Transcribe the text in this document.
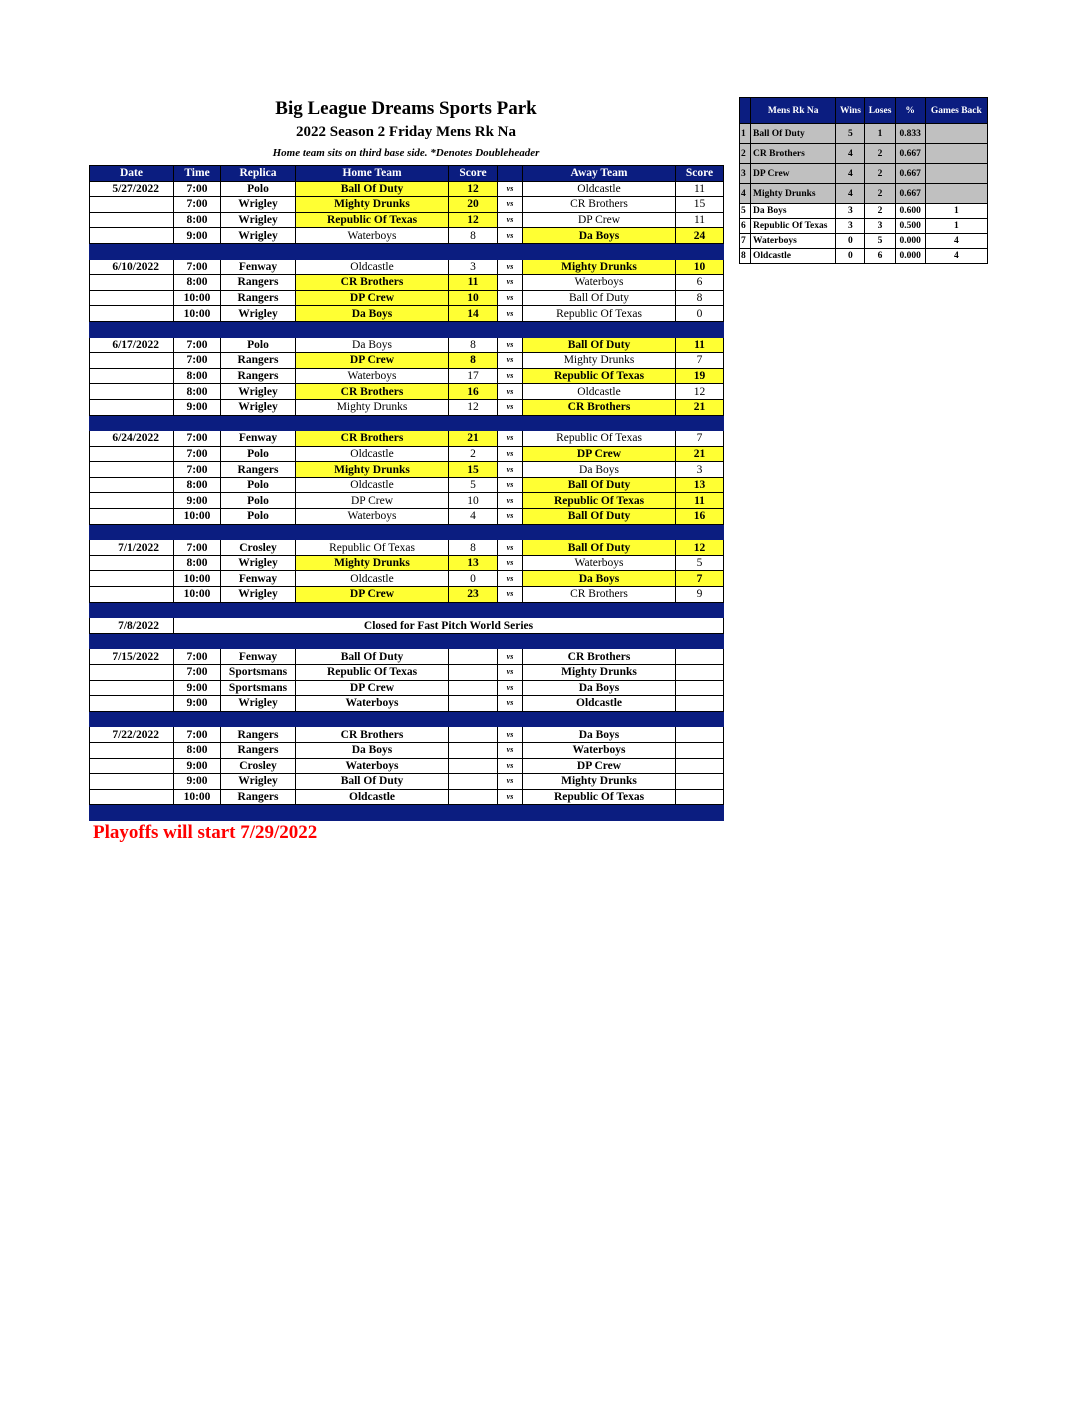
Big League Dreams Sports Park
2022 Season 2 Friday Mens Rk Na
Home team sits on third base side. *Denotes Doubleheader
Date	Time	Replica	Home Team	Score		Away Team	Score
5/27/2022	7:00	Polo	Ball Of Duty	12	vs	Oldcastle	11
	7:00	Wrigley	Mighty Drunks	20	vs	CR Brothers	15
	8:00	Wrigley	Republic Of Texas	12	vs	DP Crew	11
	9:00	Wrigley	Waterboys	8	vs	Da Boys	24

6/10/2022	7:00	Fenway	Oldcastle	3	vs	Mighty Drunks	10
	8:00	Rangers	CR Brothers	11	vs	Waterboys	6
	10:00	Rangers	DP Crew	10	vs	Ball Of Duty	8
	10:00	Wrigley	Da Boys	14	vs	Republic Of Texas	0

6/17/2022	7:00	Polo	Da Boys	8	vs	Ball Of Duty	11
	7:00	Rangers	DP Crew	8	vs	Mighty Drunks	7
	8:00	Rangers	Waterboys	17	vs	Republic Of Texas	19
	8:00	Wrigley	CR Brothers	16	vs	Oldcastle	12
	9:00	Wrigley	Mighty Drunks	12	vs	CR Brothers	21

6/24/2022	7:00	Fenway	CR Brothers	21	vs	Republic Of Texas	7
	7:00	Polo	Oldcastle	2	vs	DP Crew	21
	7:00	Rangers	Mighty Drunks	15	vs	Da Boys	3
	8:00	Polo	Oldcastle	5	vs	Ball Of Duty	13
	9:00	Polo	DP Crew	10	vs	Republic Of Texas	11
	10:00	Polo	Waterboys	4	vs	Ball Of Duty	16

7/1/2022	7:00	Crosley	Republic Of Texas	8	vs	Ball Of Duty	12
	8:00	Wrigley	Mighty Drunks	13	vs	Waterboys	5
	10:00	Fenway	Oldcastle	0	vs	Da Boys	7
	10:00	Wrigley	DP Crew	23	vs	CR Brothers	9

7/8/2022	Closed for Fast Pitch World Series						

7/15/2022	7:00	Fenway	Ball Of Duty		vs	CR Brothers	
	7:00	Sportsmans	Republic Of Texas		vs	Mighty Drunks	
	9:00	Sportsmans	DP Crew		vs	Da Boys	
	9:00	Wrigley	Waterboys		vs	Oldcastle	

7/22/2022	7:00	Rangers	CR Brothers		vs	Da Boys	
	8:00	Rangers	Da Boys		vs	Waterboys	
	9:00	Crosley	Waterboys		vs	DP Crew	
	9:00	Wrigley	Ball Of Duty		vs	Mighty Drunks	
	10:00	Rangers	Oldcastle		vs	Republic Of Texas	

	Mens Rk Na	Wins	Loses	%	Games Back
1	Ball Of Duty	5	1	0.833	
2	CR Brothers	4	2	0.667	
3	DP Crew	4	2	0.667	
4	Mighty Drunks	4	2	0.667	
5	Da Boys	3	2	0.600	1
6	Republic Of Texas	3	3	0.500	1
7	Waterboys	0	5	0.000	4
8	Oldcastle	0	6	0.000	4
Playoffs will start 7/29/2022
